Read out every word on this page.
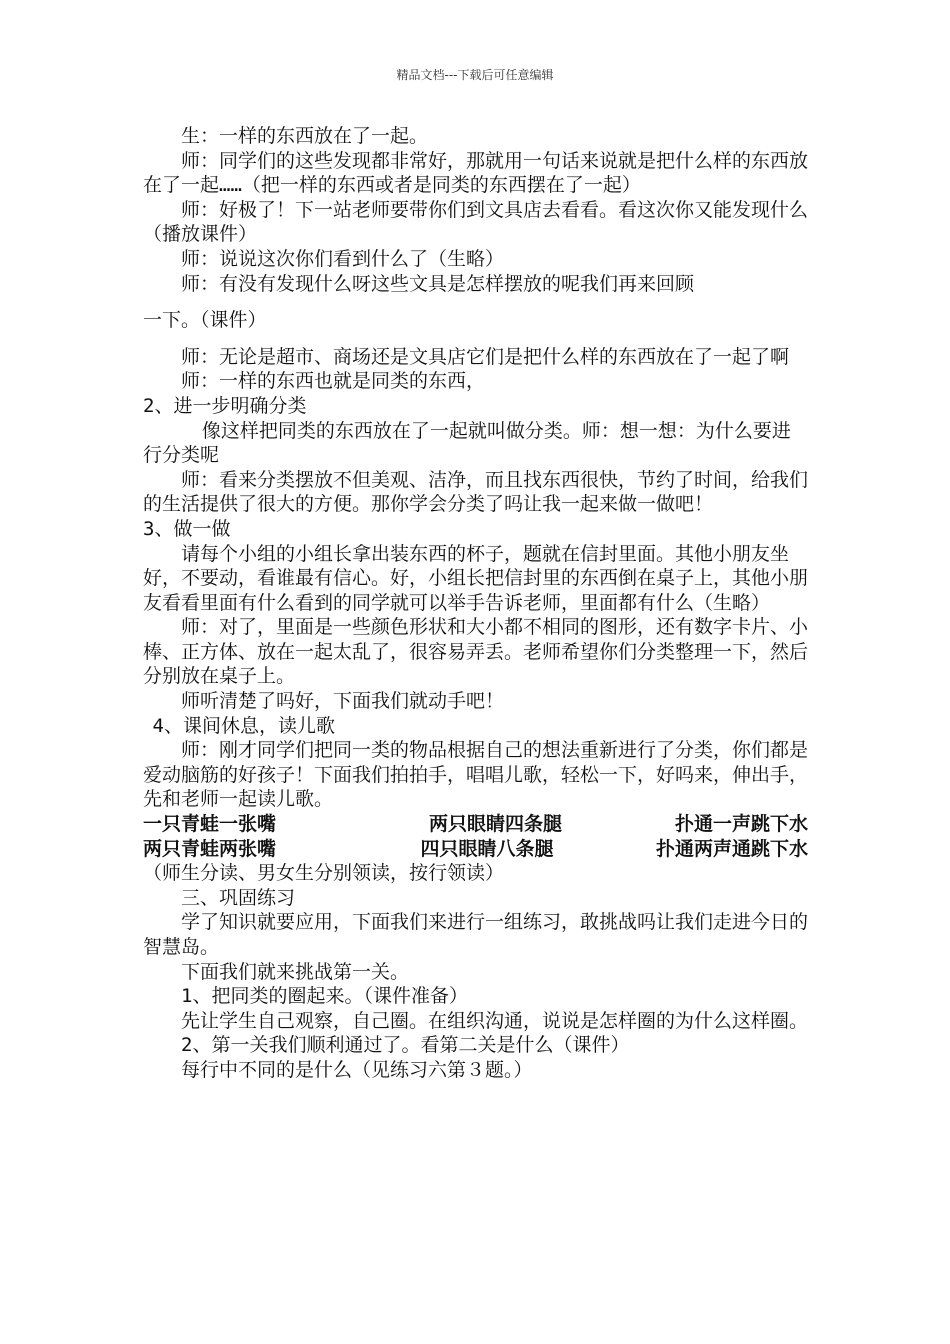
精品文档---下载后可任意编辑

生：一样的东西放在了一起。

师：同学们的这些发现都非常好，那就用一句话来说就是把什么样的东西放在了一起……（把一样的东西或者是同类的东西摆在了一起）

师：好极了！下一站老师要带你们到文具店去看看。看这次你又能发现什么（播放课件）

师：说说这次你们看到什么了（生略）

师：有没有发现什么呀这些文具是怎样摆放的呢我们再来回顾

一下。（课件）

师：无论是超市、商场还是文具店它们是把什么样的东西放在了一起了啊

师：一样的东西也就是同类的东西，

2、进一步明确分类

像这样把同类的东西放在了一起就叫做分类。师：想一想：为什么要进行分类呢

师：看来分类摆放不但美观、洁净，而且找东西很快，节约了时间，给我们的生活提供了很大的方便。那你学会分类了吗让我一起来做一做吧！

3、做一做

请每个小组的小组长拿出装东西的杯子，题就在信封里面。其他小朋友坐好，不要动，看谁最有信心。好，小组长把信封里的东西倒在桌子上，其他小朋友看看里面有什么看到的同学就可以举手告诉老师，里面都有什么（生略）

师：对了，里面是一些颜色形状和大小都不相同的图形，还有数字卡片、小棒、正方体、放在一起太乱了，很容易弄丢。老师希望你们分类整理一下，然后分别放在桌子上。

师听清楚了吗好，下面我们就动手吧！

4、课间休息，读儿歌

师：刚才同学们把同一类的物品根据自己的想法重新进行了分类，你们都是爱动脑筋的好孩子！下面我们拍拍手，唱唱儿歌，轻松一下，好吗来，伸出手，先和老师一起读儿歌。

一只青蛙一张嘴	两只眼睛四条腿	扑通一声跳下水
两只青蛙两张嘴	四只眼睛八条腿	扑通两声通跳下水

（师生分读、男女生分别领读，按行领读）

三、巩固练习

学了知识就要应用，下面我们来进行一组练习，敢挑战吗让我们走进今日的智慧岛。

下面我们就来挑战第一关。

1、把同类的圈起来。（课件准备）

先让学生自己观察，自己圈。在组织沟通，说说是怎样圈的为什么这样圈。

2、第一关我们顺利通过了。看第二关是什么（课件）

每行中不同的是什么（见练习六第３题。）
